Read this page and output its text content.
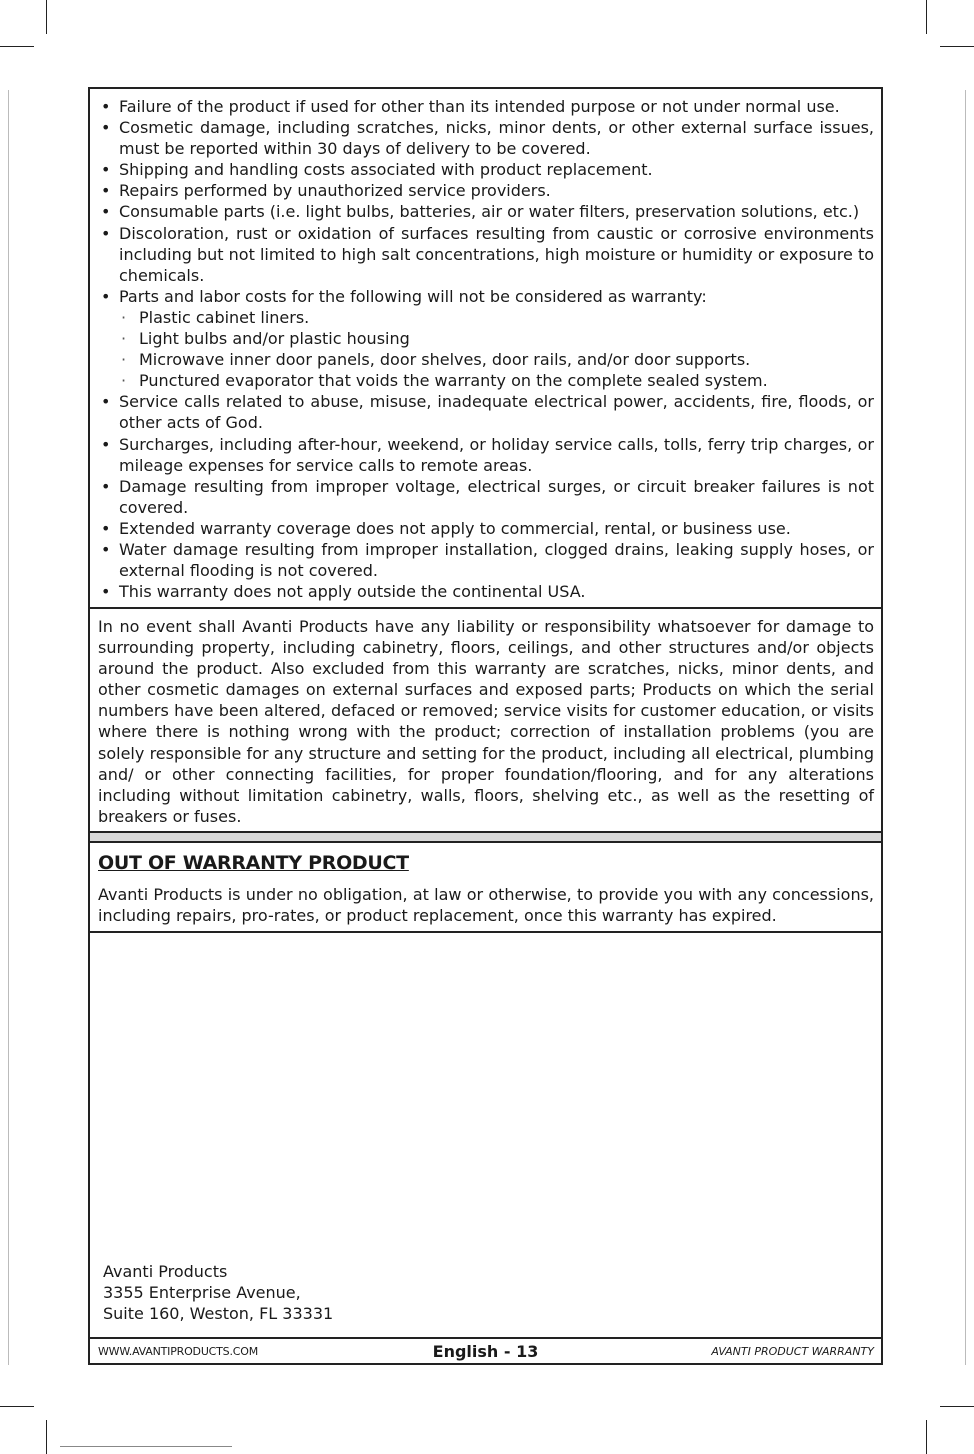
• Failure of the product if used for other than its intended purpose or not under normal use.
• Cosmetic damage, including scratches, nicks, minor dents, or other external surface issues, must be reported within 30 days of delivery to be covered.
• Shipping and handling costs associated with product replacement.
• Repairs performed by unauthorized service providers.
• Consumable parts (i.e. light bulbs, batteries, air or water filters, preservation solutions, etc.)
• Discoloration, rust or oxidation of surfaces resulting from caustic or corrosive environments including but not limited to high salt concentrations, high moisture or humidity or exposure to chemicals.
• Parts and labor costs for the following will not be considered as warranty:
· Plastic cabinet liners.
· Light bulbs and/or plastic housing
· Microwave inner door panels, door shelves, door rails, and/or door supports.
· Punctured evaporator that voids the warranty on the complete sealed system.
• Service calls related to abuse, misuse, inadequate electrical power, accidents, fire, floods, or other acts of God.
• Surcharges, including after-hour, weekend, or holiday service calls, tolls, ferry trip charges, or mileage expenses for service calls to remote areas.
• Damage resulting from improper voltage, electrical surges, or circuit breaker failures is not covered.
• Extended warranty coverage does not apply to commercial, rental, or business use.
• Water damage resulting from improper installation, clogged drains, leaking supply hoses, or external flooding is not covered.
• This warranty does not apply outside the continental USA.

In no event shall Avanti Products have any liability or responsibility whatsoever for damage to surrounding property, including cabinetry, floors, ceilings, and other structures and/or objects around the product. Also excluded from this warranty are scratches, nicks, minor dents, and other cosmetic damages on external surfaces and exposed parts; Products on which the serial numbers have been altered, defaced or removed; service visits for customer education, or visits where there is nothing wrong with the product; correction of installation problems (you are solely responsible for any structure and setting for the product, including all electrical, plumbing and/ or other connecting facilities, for proper foundation/flooring, and for any alterations including without limitation cabinetry, walls, floors, shelving etc., as well as the resetting of breakers or fuses.

OUT OF WARRANTY PRODUCT

Avanti Products is under no obligation, at law or otherwise, to provide you with any concessions, including repairs, pro-rates, or product replacement, once this warranty has expired.

Avanti Products
3355 Enterprise Avenue,
Suite 160, Weston, FL 33331
WWW.AVANTIPRODUCTS.COM	English - 13	AVANTI PRODUCT WARRANTY
